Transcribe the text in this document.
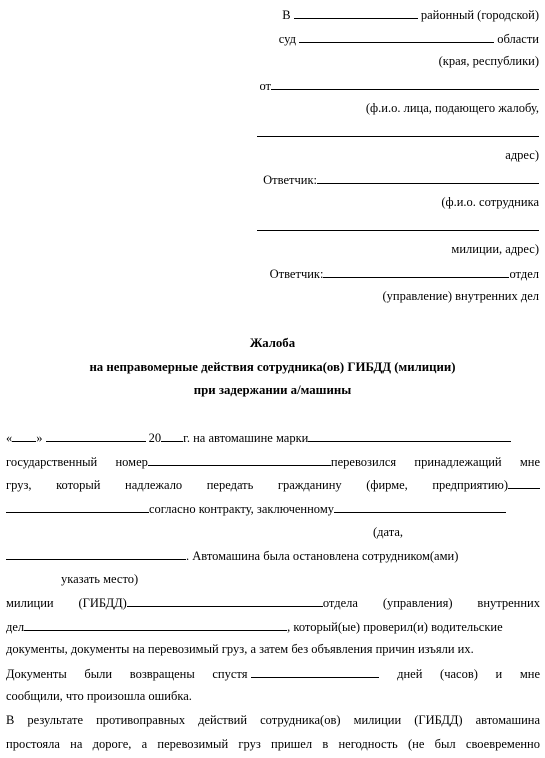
В	районный (городской)
суд	области
(края, республики)
от
(ф.и.о. лица, подающего жалобу,
адрес)
Ответчик:
(ф.и.о. сотрудника
милиции, адрес)
Ответчик:	отдел
(управление) внутренних дел
Жалоба
на неправомерные действия сотрудника(ов) ГИБДД (милиции)
при задержании а/машины
« »	20 г. на автомашине марки
государственный номер	перевозился принадлежащий мне
груз, который надлежало передать гражданину (фирме, предприятию)
согласно контракту, заключенному
(дата,
. Автомашина была остановлена сотрудником(ами)
указать место)
милиции (ГИБДД)	отдела (управления) внутренних
дел	, который(ые) проверил(и) водительские
документы, документы на перевозимый груз, а затем без объявления причин изъяли их.
Документы были возвращены спустя	дней (часов) и мне
сообщили, что произошла ошибка.
В результате противоправных действий сотрудника(ов) милиции (ГИБДД) автомашина
простояла на дороге, а перевозимый груз пришел в негодность (не был своевременно
